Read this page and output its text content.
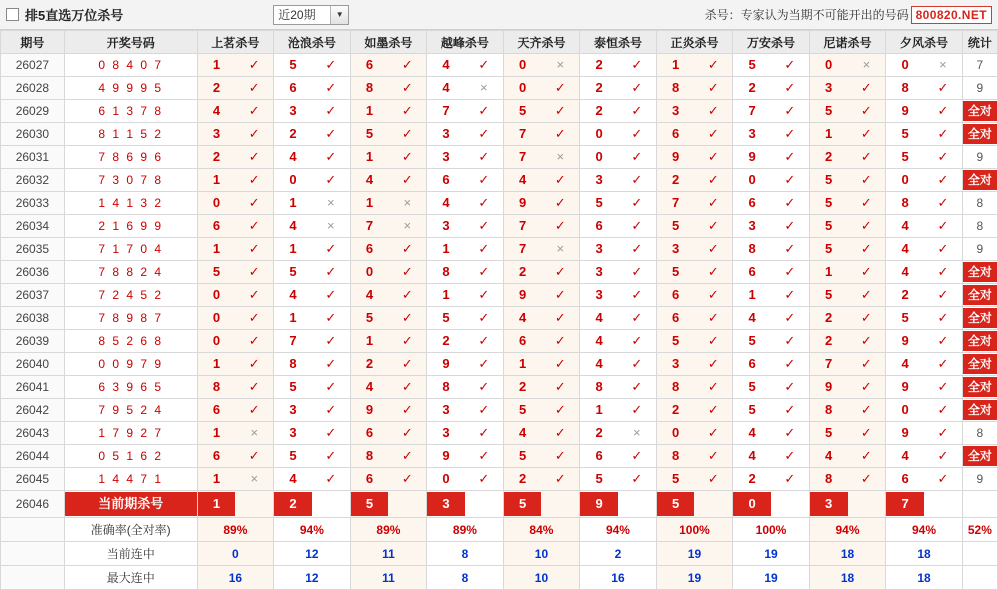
排5直选万位杀号	近20期	▼	杀号：专家认为当期不可能开出的号码 800820.NET
期号	开奖号码	上茗杀号	沧浪杀号	如墨杀号	越峰杀号	天齐杀号	泰恒杀号	正炎杀号	万安杀号	尼诺杀号	夕风杀号	统计
26027	0 8 4 0 7	1 ✓	5 ✓	6 ✓	4 ✓	0 ×	2 ✓	1 ✓	5 ✓	0 ×	0 ×	7
26028	4 9 9 9 5	2 ✓	6 ✓	8 ✓	4 ×	0 ✓	2 ✓	8 ✓	2 ✓	3 ✓	8 ✓	9
26029	6 1 3 7 8	4 ✓	3 ✓	1 ✓	7 ✓	5 ✓	2 ✓	3 ✓	7 ✓	5 ✓	9 ✓	全对

26030	8 1 1 5 2	3 ✓	2 ✓	5 ✓	3 ✓	7 ✓	0 ✓	6 ✓	3 ✓	1 ✓	5 ✓	全对

26031	7 8 6 9 6	2 ✓	4 ✓	1 ✓	3 ✓	7 ×	0 ✓	9 ✓	9 ✓	2 ✓	5 ✓	9
26032	7 3 0 7 8	1 ✓	0 ✓	4 ✓	6 ✓	4 ✓	3 ✓	2 ✓	0 ✓	5 ✓	0 ✓	全对

26033	1 4 1 3 2	0 ✓	1 ×	1 ×	4 ✓	9 ✓	5 ✓	7 ✓	6 ✓	5 ✓	8 ✓	8
26034	2 1 6 9 9	6 ✓	4 ×	7 ×	3 ✓	7 ✓	6 ✓	5 ✓	3 ✓	5 ✓	4 ✓	8
26035	7 1 7 0 4	1 ✓	1 ✓	6 ✓	1 ✓	7 ×	3 ✓	3 ✓	8 ✓	5 ✓	4 ✓	9
26036	7 8 8 2 4	5 ✓	5 ✓	0 ✓	8 ✓	2 ✓	3 ✓	5 ✓	6 ✓	1 ✓	4 ✓	全对

26037	7 2 4 5 2	0 ✓	4 ✓	4 ✓	1 ✓	9 ✓	3 ✓	6 ✓	1 ✓	5 ✓	2 ✓	全对

26038	7 8 9 8 7	0 ✓	1 ✓	5 ✓	5 ✓	4 ✓	4 ✓	6 ✓	4 ✓	2 ✓	5 ✓	全对

26039	8 5 2 6 8	0 ✓	7 ✓	1 ✓	2 ✓	6 ✓	4 ✓	5 ✓	5 ✓	2 ✓	9 ✓	全对

26040	0 0 9 7 9	1 ✓	8 ✓	2 ✓	9 ✓	1 ✓	4 ✓	3 ✓	6 ✓	7 ✓	4 ✓	全对

26041	6 3 9 6 5	8 ✓	5 ✓	4 ✓	8 ✓	2 ✓	8 ✓	8 ✓	5 ✓	9 ✓	9 ✓	全对

26042	7 9 5 2 4	6 ✓	3 ✓	9 ✓	3 ✓	5 ✓	1 ✓	2 ✓	5 ✓	8 ✓	0 ✓	全对

26043	1 7 9 2 7	1 ×	3 ✓	6 ✓	3 ✓	4 ✓	2 ×	0 ✓	4 ✓	5 ✓	9 ✓	8
26044	0 5 1 6 2	6 ✓	5 ✓	8 ✓	9 ✓	5 ✓	6 ✓	8 ✓	4 ✓	4 ✓	4 ✓	全对

26045	1 4 4 7 1	1 ×	4 ✓	6 ✓	0 ✓	2 ✓	5 ✓	5 ✓	2 ✓	8 ✓	6 ✓	9
26046	当前期杀号	1	2	5	3	5	9	5	0	3	7	

	准确率(全对率)	89%	94%	89%	89%	84%	94%	100%	100%	94%	94%	52%
	当前连中	0	12	11	8	10	2	19	19	18	18	
	最大连中	16	12	11	8	10	16	19	19	18	18	
